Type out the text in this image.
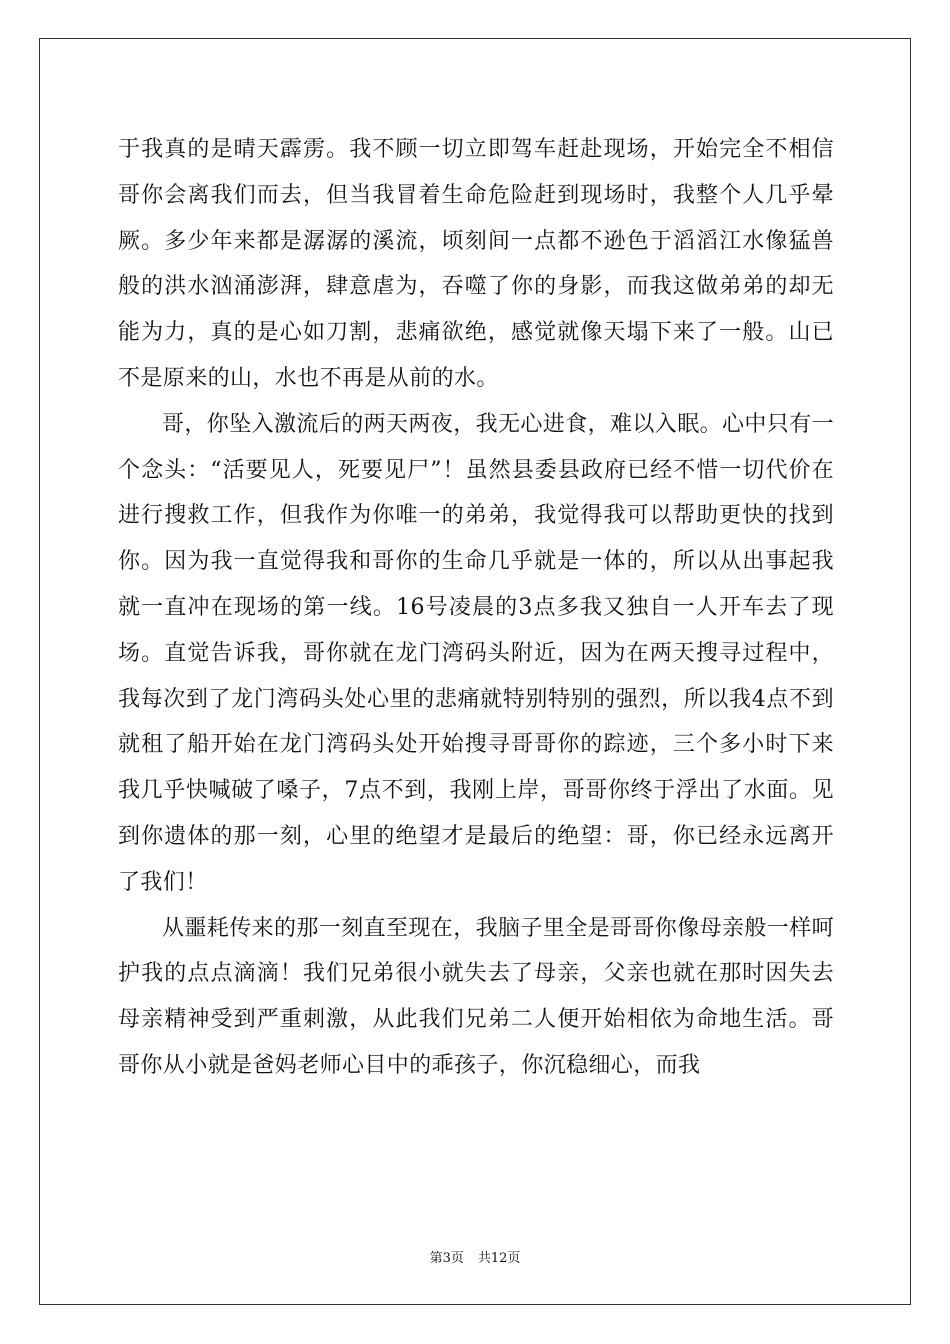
于我真的是晴天霹雳。我不顾一切立即驾车赶赴现场，开始完全不相信哥你会离我们而去，但当我冒着生命危险赶到现场时，我整个人几乎晕厥。多少年来都是潺潺的溪流，顷刻间一点都不逊色于滔滔江水像猛兽般的洪水汹涌澎湃，肆意虐为，吞噬了你的身影，而我这做弟弟的却无能为力，真的是心如刀割，悲痛欲绝，感觉就像天塌下来了一般。山已不是原来的山，水也不再是从前的水。

哥，你坠入激流后的两天两夜，我无心进食，难以入眠。心中只有一个念头：“活要见人，死要见尸”！虽然县委县政府已经不惜一切代价在进行搜救工作，但我作为你唯一的弟弟，我觉得我可以帮助更快的找到你。因为我一直觉得我和哥你的生命几乎就是一体的，所以从出事起我就一直冲在现场的第一线。16号凌晨的3点多我又独自一人开车去了现场。直觉告诉我，哥你就在龙门湾码头附近，因为在两天搜寻过程中，我每次到了龙门湾码头处心里的悲痛就特别特别的强烈，所以我4点不到就租了船开始在龙门湾码头处开始搜寻哥哥你的踪迹，三个多小时下来我几乎快喊破了嗓子，7点不到，我刚上岸，哥哥你终于浮出了水面。见到你遗体的那一刻，心里的绝望才是最后的绝望：哥，你已经永远离开了我们！

从噩耗传来的那一刻直至现在，我脑子里全是哥哥你像母亲般一样呵护我的点点滴滴！我们兄弟很小就失去了母亲，父亲也就在那时因失去母亲精神受到严重刺激，从此我们兄弟二人便开始相依为命地生活。哥哥你从小就是爸妈老师心目中的乖孩子，你沉稳细心，而我

第3页 共12页
